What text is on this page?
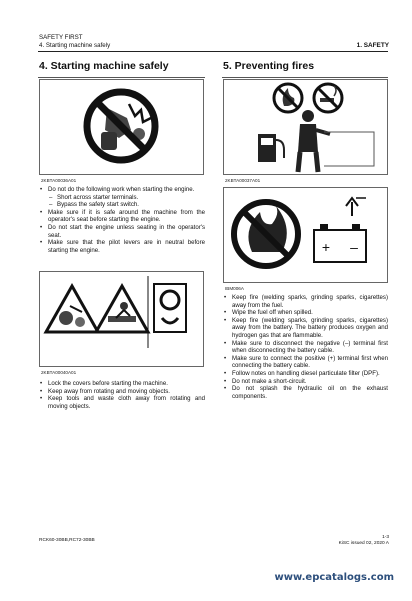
SAFETY FIRST
4. Starting machine safely	1. SAFETY
4. Starting machine safely
2KBTA00036A01
• Do not do the following work when starting the engine.
– Short across starter terminals.
– Bypass the safety start switch.
• Make sure if it is safe around the machine from the operator's seat before starting the engine.
• Do not start the engine unless seating in the operator's seat.
• Make sure that the pilot levers are in neutral before starting the engine.
2KBTA00040A01
• Lock the covers before starting the machine.
• Keep away from rotating and moving objects.
• Keep tools and waste cloth away from rotating and moving objects.
5. Preventing fires
2KBTA00037A01
+ –
IBM006A
• Keep fire (welding sparks, grinding sparks, cigarettes) away from the fuel.
• Wipe the fuel off when spilled.
• Keep fire (welding sparks, grinding sparks, cigarettes) away from the battery. The battery produces oxygen and hydrogen gas that are flammable.
• Make sure to disconnect the negative (–) terminal first when disconnecting the battery cable.
• Make sure to connect the positive (+) terminal first when connecting the battery cable.
• Follow notes on handling diesel particulate filter (DPF).
• Do not make a short-circuit.
• Do not splash the hydraulic oil on the exhaust components.
RCK60-30BB,RC72-30BB
1-3
KiSC issued 02, 2020 A
www.epcatalogs.com
